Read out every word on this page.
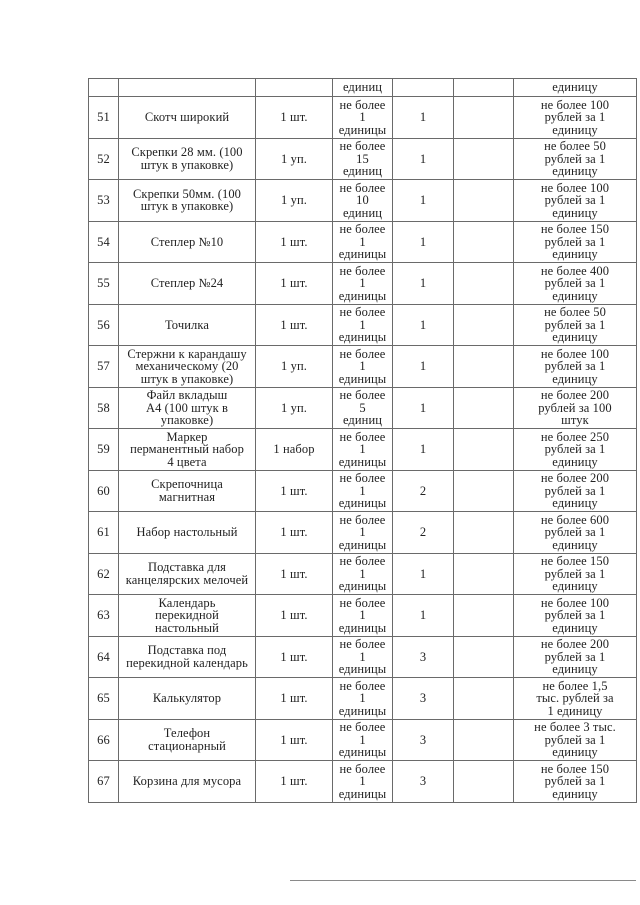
			единиц			единицу
51	Скотч широкий	1 шт.	не более
1
единицы	1		не более 100
рублей за 1
единицу
52	Скрепки 28 мм. (100
штук в упаковке)	1 уп.	не более
15
единиц	1		не более 50
рублей за 1
единицу
53	Скрепки 50мм. (100
штук в упаковке)	1 уп.	не более
10
единиц	1		не более 100
рублей за 1
единицу
54	Степлер №10	1 шт.	не более
1
единицы	1		не более 150
рублей за 1
единицу
55	Степлер №24	1 шт.	не более
1
единицы	1		не более 400
рублей за 1
единицу
56	Точилка	1 шт.	не более
1
единицы	1		не более 50
рублей за 1
единицу
57	Стержни к карандашу
механическому (20
штук в упаковке)	1 уп.	не более
1
единицы	1		не более 100
рублей за 1
единицу
58	Файл вкладыш
А4 (100 штук в
упаковке)	1 уп.	не более
5
единиц	1		не более 200
рублей за 100
штук
59	Маркер
перманентный набор
4 цвета	1 набор	не более
1
единицы	1		не более 250
рублей за 1
единицу
60	Скрепочница
магнитная	1 шт.	не более
1
единицы	2		не более 200
рублей за 1
единицу
61	Набор настольный	1 шт.	не более
1
единицы	2		не более 600
рублей за 1
единицу
62	Подставка для
канцелярских мелочей	1 шт.	не более
1
единицы	1		не более 150
рублей за 1
единицу
63	Календарь
перекидной
настольный	1 шт.	не более
1
единицы	1		не более 100
рублей за 1
единицу
64	Подставка под
перекидной календарь	1 шт.	не более
1
единицы	3		не более 200
рублей за 1
единицу
65	Калькулятор	1 шт.	не более
1
единицы	3		не более 1,5
тыс. рублей за
1 единицу
66	Телефон
стационарный	1 шт.	не более
1
единицы	3		не более 3 тыс.
рублей за 1
единицу
67	Корзина для мусора	1 шт.	не более
1
единицы	3		не более 150
рублей за 1
единицу
